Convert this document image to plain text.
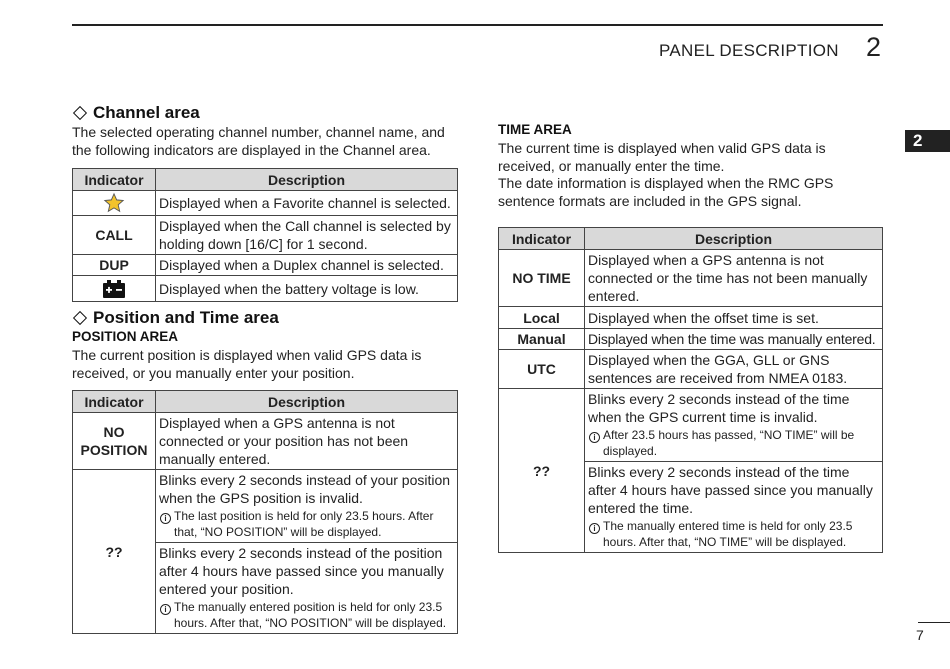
PANEL DESCRIPTION 2
2
Channel area
The selected operating channel number, channel name, and the following indicators are displayed in the Channel area.
Indicator	Description
	Displayed when a Favorite channel is selected.
CALL	Displayed when the Call channel is selected by holding down [16/C] for 1 second.
DUP	Displayed when a Duplex channel is selected.
	Displayed when the battery voltage is low.
Position and Time area
POSITION AREA
The current position is displayed when valid GPS data is received, or you manually enter your position.
Indicator	Description
NO POSITION	Displayed when a GPS antenna is not connected or your position has not been manually entered.
??	Blinks every 2 seconds instead of your position when the GPS position is invalid.
i The last position is held for only 23.5 hours. After that, “NO POSITION” will be displayed.
Blinks every 2 seconds instead of the position after 4 hours have passed since you manually entered your position.
i The manually entered position is held for only 23.5 hours. After that, “NO POSITION” will be displayed.
TIME AREA
The current time is displayed when valid GPS data is received, or manually enter the time.
The date information is displayed when the RMC GPS sentence formats are included in the GPS signal.
Indicator	Description
NO TIME	Displayed when a GPS antenna is not connected or the time has not been manually entered.
Local	Displayed when the offset time is set.
Manual	Displayed when the time was manually entered.
UTC	Displayed when the GGA, GLL or GNS sentences are received from NMEA 0183.
??	Blinks every 2 seconds instead of the time when the GPS current time is invalid.
i After 23.5 hours has passed, “NO TIME” will be displayed.
Blinks every 2 seconds instead of the time after 4 hours have passed since you manually entered the time.
i The manually entered time is held for only 23.5 hours. After that, “NO TIME” will be displayed.
7
